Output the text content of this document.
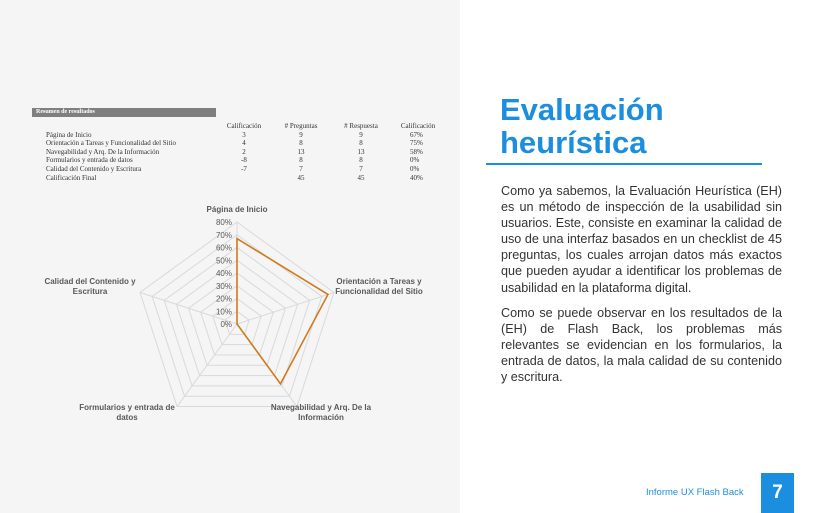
Resumen de resultados
	Calificación	# Preguntas	# Respuesta	Calificación
Página de Inicio	3	9	9	67%
Orientación a Tareas y Funcionalidad del Sitio	4	8	8	75%
Navegabilidad y Arq. De la Información	2	13	13	58%
Formularios y entrada de datos	-8	8	8	0%
Calidad del Contenido y Escritura	-7	7	7	0%
Calificación Final		45	45	40%
0%
10%
20%
30%
40%
50%
60%
70%
80%
Página de Inicio
Orientación a Tareas y Funcionalidad del Sitio
Navegabilidad y Arq. De la Información
Formularios y entrada de datos
Calidad del Contenido y Escritura
Evaluación
heurística

Como ya sabemos, la Evaluación Heurística (EH) es un método de inspección de la usabilidad sin usuarios. Este, consiste en examinar la calidad de uso de una interfaz basados en un checklist de 45 preguntas, los cuales arrojan datos más exactos que pueden ayudar a identificar los problemas de usabilidad en la plataforma digital.

Como se puede observar en los resultados de la (EH) de Flash Back, los problemas más relevantes se evidencian en los formularios, la entrada de datos, la mala calidad de su contenido y escritura.

Informe UX Flash Back	7
